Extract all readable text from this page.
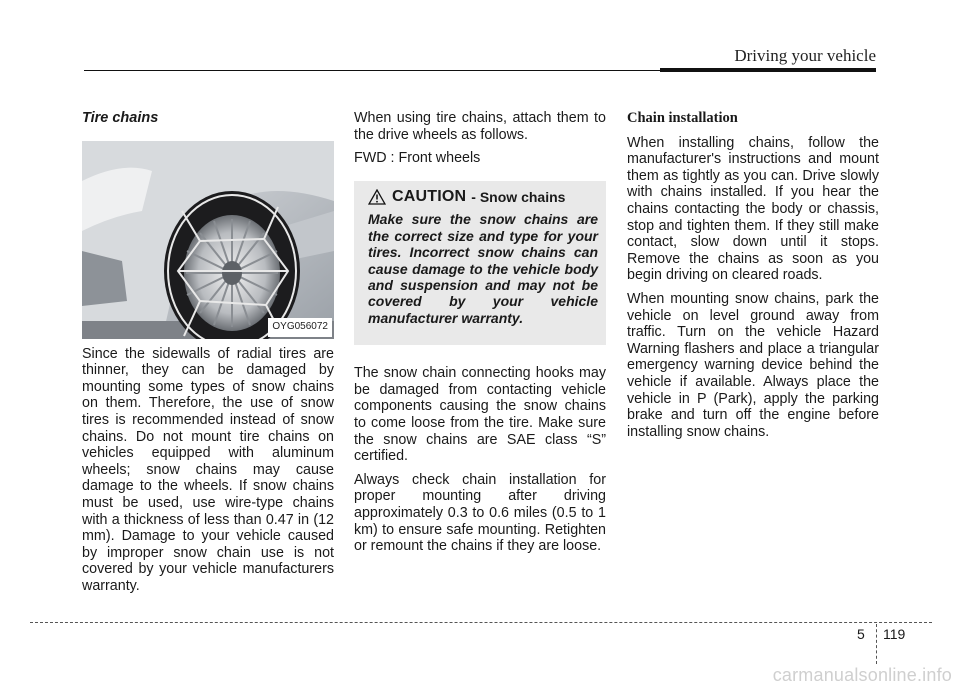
Driving your vehicle
Tire chains
OYG056072

Since the sidewalls of radial tires are thinner, they can be damaged by mounting some types of snow chains on them. Therefore, the use of snow tires is recommended instead of snow chains. Do not mount tire chains on vehicles equipped with aluminum wheels; snow chains may cause damage to the wheels. If snow chains must be used, use wire-type chains with a thickness of less than 0.47 in (12 mm). Damage to your vehicle caused by improper snow chain use is not covered by your vehicle manufacturers warranty.

When using tire chains, attach them to the drive wheels as follows.

FWD : Front wheels

CAUTION - Snow chains

Make sure the snow chains are the correct size and type for your tires. Incorrect snow chains can cause damage to the vehicle body and suspension and may not be covered by your vehicle manufacturer warranty.

The snow chain connecting hooks may be damaged from contacting vehicle components causing the snow chains to come loose from the tire. Make sure the snow chains are SAE class “S” certified.

Always check chain installation for proper mounting after driving approximately 0.3 to 0.6 miles (0.5 to 1 km) to ensure safe mounting. Retighten or remount the chains if they are loose.

Chain installation

When installing chains, follow the manufacturer's instructions and mount them as tightly as you can. Drive slowly with chains installed. If you hear the chains contacting the body or chassis, stop and tighten them. If they still make contact, slow down until it stops. Remove the chains as soon as you begin driving on cleared roads.

When mounting snow chains, park the vehicle on level ground away from traffic. Turn on the vehicle Hazard Warning flashers and place a triangular emergency warning device behind the vehicle if available. Always place the vehicle in P (Park), apply the parking brake and turn off the engine before installing snow chains.

5 119
carmanualsonline.info
